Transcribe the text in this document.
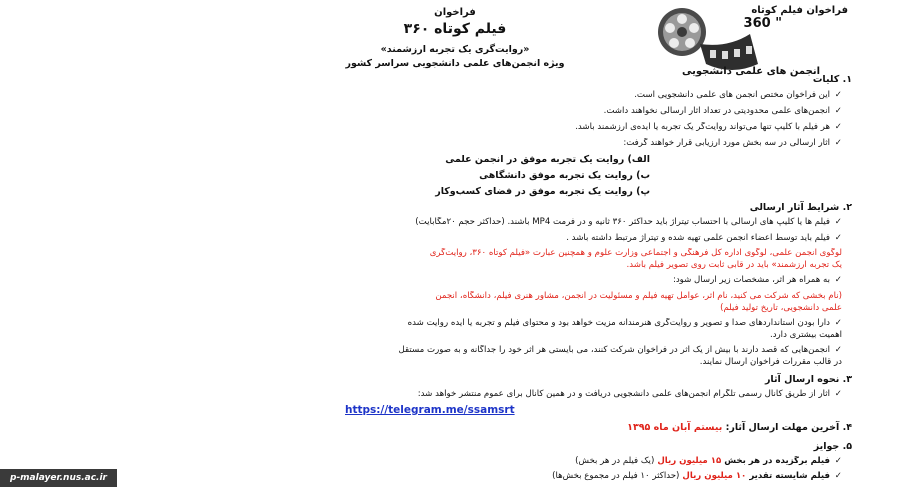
فراخوان فیلم کوتاه
" 360
انجمن های علمی دانشجویی
فراخوان
فیلم کوتاه ۳۶۰
«روایت‌گری یک تجربه ارزشمند»
ویژه انجمن‌های علمی دانشجویی سراسر کشور
۱. کلیات
✓این فراخوان مختص انجمن های علمی دانشجویی است.
✓انجمن‌های علمی محدودیتی در تعداد آثار ارسالی نخواهند داشت.
✓هر فیلم با کلیپ تنها می‌تواند روایت‌گر یک تجربه یا ایده‌ی ارزشمند باشد.
✓آثار ارسالی در سه بخش مورد ارزیابی قرار خواهند گرفت:
الف) روایت یک تجربه موفق در انجمن علمی
ب) روایت یک تجربه موفق دانشگاهی
پ) روایت یک تجربه موفق در فضای کسب‌وکار
۲. شرایط آثار ارسالی
✓فیلم ها یا کلیپ های ارسالی با احتساب تیتراژ باید حداکثر ۳۶۰ ثانیه و در فرمت MP4 باشند. (حداکثر حجم ۲۰مگابایت)
✓فیلم باید توسط اعضاء انجمن علمی تهیه شده و تیتراژ مرتبط داشته باشد .
لوگوی انجمن علمی، لوگوی اداره کل فرهنگی و اجتماعی وزارت علوم و همچنین عبارت «فیلم کوتاه ۳۶۰، روایت‌گری
یک تجربه ارزشمند» باید در قابی ثابت روی تصویر فیلم باشد.
✓به همراه هر اثر، مشخصات زیر ارسال شود:
(نام بخشی که شرکت می کنید، نام اثر، عوامل تهیه فیلم و مسئولیت در انجمن، مشاور هنری فیلم، دانشگاه، انجمن
علمی دانشجویی، تاریخ تولید فیلم)
✓دارا بودن استانداردهای صدا و تصویر و روایت‌گری هنرمندانه مزیت خواهد بود و محتوای فیلم و تجربه یا ایده روایت شده
اهمیت بیشتری دارد.
✓انجمن‌هایی که قصد دارند با بیش از یک اثر در فراخوان شرکت کنند، می بایستی هر اثر خود را جداگانه و به صورت مستقل
در قالب مقررات فراخوان ارسال نمایند.
۳. نحوه ارسال آثار
✓آثار از طریق کانال رسمی تلگرام انجمن‌های علمی دانشجویی دریافت و در همین کانال برای عموم منتشر خواهد شد:
https://telegram.me/ssamsrt
۴. آخرین مهلت ارسال آثار: بیستم آبان ماه ۱۳۹۵
۵. جوایز
✓فیلم برگزیده در هر بخش ۱۵ میلیون ریال (یک فیلم در هر بخش)
✓فیلم شایسته تقدیر ۱۰ میلیون ریال (حداکثر ۱۰ فیلم در مجموع بخش‌ها)
p-malayer.nus.ac.ir
